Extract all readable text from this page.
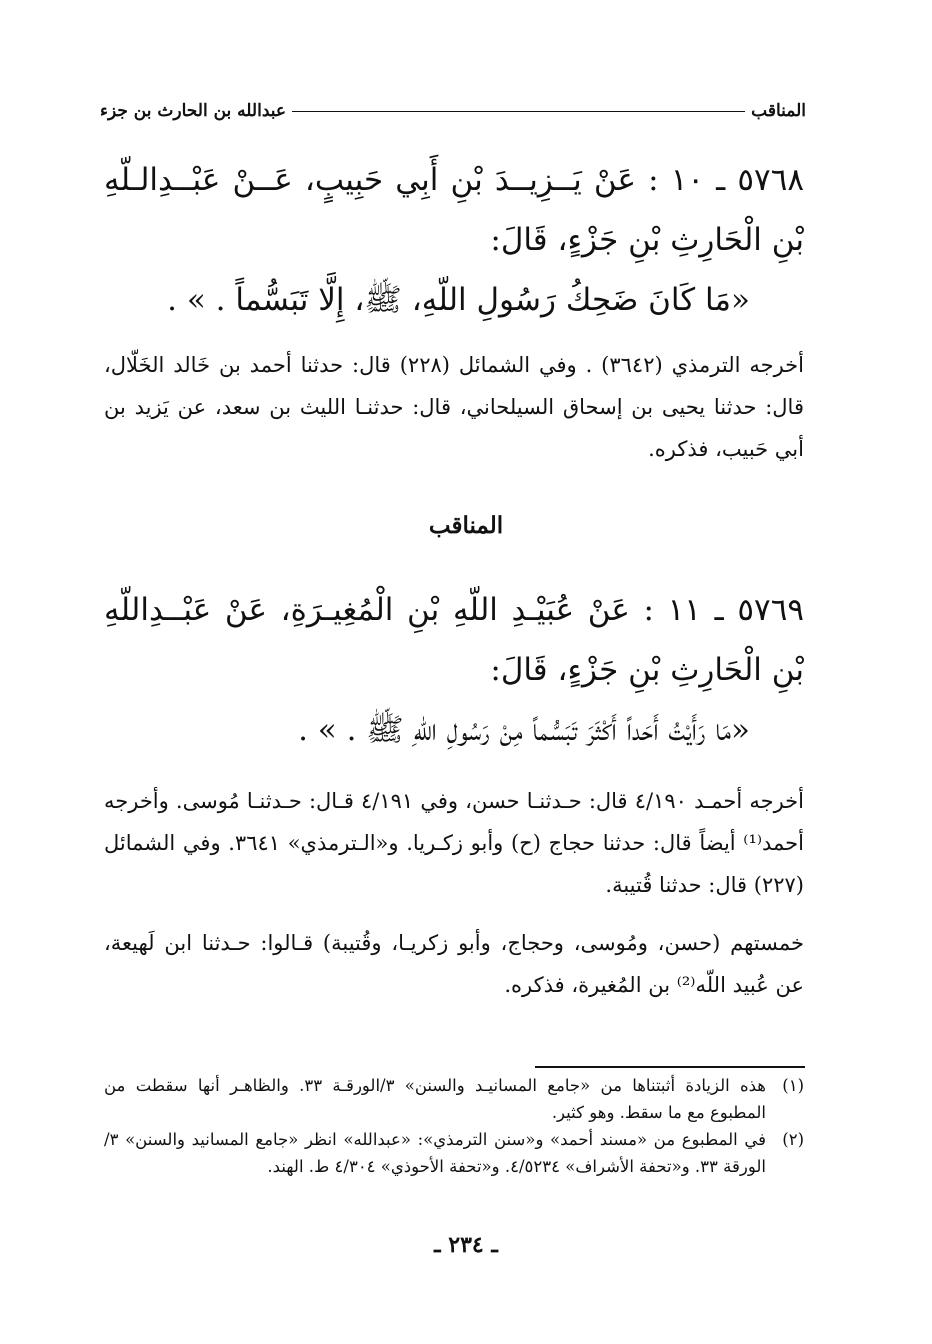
المناقب
عبدالله بن الحارث بن جزء
٥٧٦٨ ـ ١٠ : عَنْ يَــزِيــدَ بْنِ أَبِي حَبِيبٍ، عَــنْ عَبْــدِالـلّهِ بْنِ الْحَارِثِ بْنِ جَزْءٍ، قَالَ:
«مَا كَانَ ضَحِكُ رَسُولِ اللّهِ، ﷺ، إِلَّا تَبَسُّماً . » .
أخرجه الترمذي (٣٦٤٢) . وفي الشمائل (٢٢٨) قال: حدثنا أحمد بن خَالد الخَلّال، قال: حدثنا يحيى بن إسحاق السيلحاني، قال: حدثنـا الليث بن سعد، عن يَزيد بن أبي حَبيب، فذكره.
المناقب
٥٧٦٩ ـ ١١ : عَنْ عُبَيْـدِ اللّهِ بْنِ الْمُغِيـرَةِ، عَنْ عَبْــدِاللّهِ بْنِ الْحَارِثِ بْنِ جَزْءٍ، قَالَ:
«مَا رَأَيْتُ أَحَداً أَكْثَرَ تَبَسُّماً مِنْ رَسُولِ اللّهِ ﷺ . » .
أخرجه أحمـد ٤/١٩٠ قال: حـدثنـا حسن، وفي ٤/١٩١ قـال: حـدثنـا مُوسى. وأخرجه أحمد⁽¹⁾ أيضاً قال: حدثنا حجاج (ح) وأبو زكـريا. و«الـترمذي» ٣٦٤١. وفي الشمائل (٢٢٧) قال: حدثنا قُتيبة.
خمستهم (حسن، ومُوسى، وحجاج، وأبو زكريـا، وقُتيبة) قـالوا: حـدثنا ابن لَهيعة، عن عُبيد اللّه⁽²⁾ بن المُغيرة، فذكره.
(١)
هذه الزيادة أثبتناها من «جامع المسانيـد والسنن» ٣/الورقـة ٣٣. والظاهـر أنها سقطت من المطبوع مع ما سقط. وهو كثير.
(٢)
في المطبوع من «مسند أحمد» و«سنن الترمذي»: «عبدالله» انظر «جامع المسانيد والسنن» ٣/الورقة ٣٣. و«تحفة الأشراف» ٤/٥٢٣٤. و«تحفة الأحوذي» ٤/٣٠٤ ط. الهند.
ـ ٢٣٤ ـ
